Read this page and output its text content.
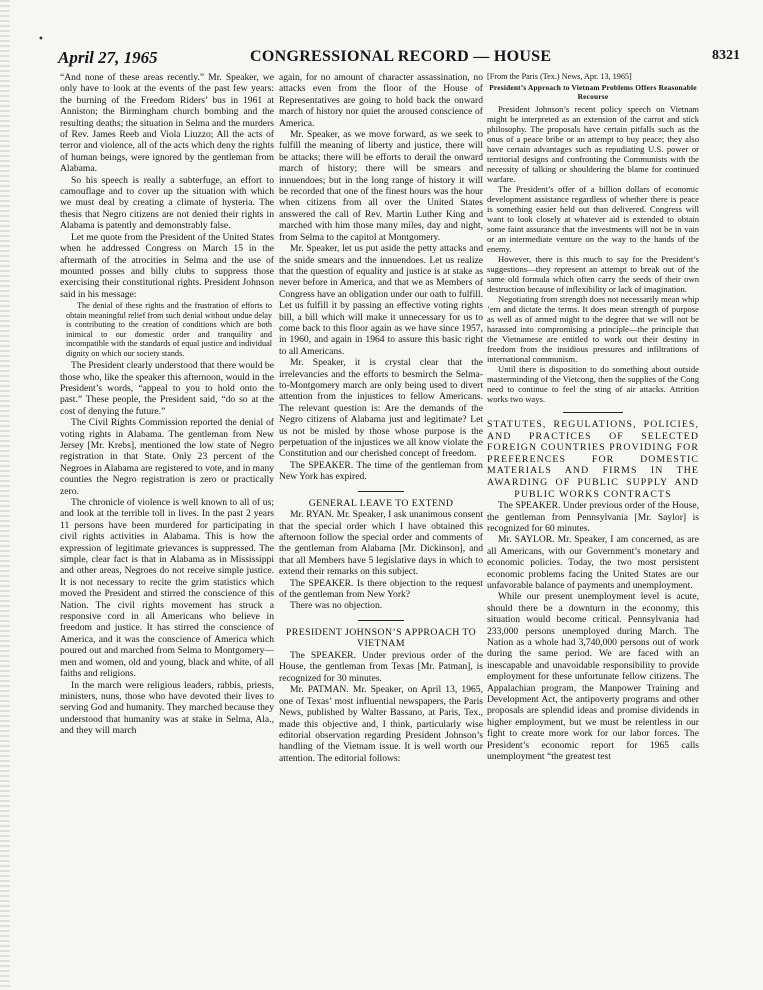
•
April 27, 1965	CONGRESSIONAL RECORD — HOUSE	8321

“And none of these areas recently.” Mr. Speaker, we only have to look at the events of the past few years: the burning of the Freedom Riders’ bus in 1961 at Anniston; the Birmingham church bombing and the resulting deaths; the situation in Selma and the murders of Rev. James Reeb and Viola Liuzzo; All the acts of terror and violence, all of the acts which deny the rights of human beings, were ignored by the gentleman from Alabama.

So his speech is really a subterfuge, an effort to camouflage and to cover up the situation with which we must deal by creating a climate of hysteria. The thesis that Negro citizens are not denied their rights in Alabama is patently and demonstrably false.

Let me quote from the President of the United States when he addressed Congress on March 15 in the aftermath of the atrocities in Selma and the use of mounted posses and billy clubs to suppress those exercising their constitutional rights. President Johnson said in his message:

The denial of these rights and the frustration of efforts to obtain meaningful relief from such denial without undue delay is contributing to the creation of conditions which are both inimical to our domestic order and tranquility and incompatible with the standards of equal justice and individual dignity on which our society stands.

The President clearly understood that there would be those who, like the speaker this afternoon, would in the President’s words, “appeal to you to hold onto the past.” These people, the President said, “do so at the cost of denying the future.”

The Civil Rights Commission reported the denial of voting rights in Alabama. The gentleman from New Jersey [Mr. Krebs], mentioned the low state of Negro registration in that State. Only 23 percent of the Negroes in Alabama are registered to vote, and in many counties the Negro registration is zero or practically zero.

The chronicle of violence is well known to all of us; and look at the terrible toll in lives. In the past 2 years 11 persons have been murdered for participating in civil rights activities in Alabama. This is how the expression of legitimate grievances is suppressed. The simple, clear fact is that in Alabama as in Mississippi and other areas, Negroes do not receive simple justice. It is not necessary to recite the grim statistics which moved the President and stirred the conscience of this Nation. The civil rights movement has struck a responsive cord in all Americans who believe in freedom and justice. It has stirred the conscience of America, and it was the conscience of America which poured out and marched from Selma to Montgomery—men and women, old and young, black and white, of all faiths and religions.

In the march were religious leaders, rabbis, priests, ministers, nuns, those who have devoted their lives to serving God and humanity. They marched because they understood that humanity was at stake in Selma, Ala., and they will march

again, for no amount of character assassination, no attacks even from the floor of the House of Representatives are going to hold back the onward march of history nor quiet the aroused conscience of America.

Mr. Speaker, as we move forward, as we seek to fulfill the meaning of liberty and justice, there will be attacks; there will be efforts to derail the onward march of history; there will be smears and innuendoes; but in the long range of history it will be recorded that one of the finest hours was the hour when citizens from all over the United States answered the call of Rev. Martin Luther King and marched with him those many miles, day and night, from Selma to the capitol at Montgomery.

Mr. Speaker, let us put aside the petty attacks and the snide smears and the innuendoes. Let us realize that the question of equality and justice is at stake as never before in America, and that we as Members of Congress have an obligation under our oath to fulfill. Let us fulfill it by passing an effective voting rights bill, a bill which will make it unnecessary for us to come back to this floor again as we have since 1957, in 1960, and again in 1964 to assure this basic right to all Americans.

Mr. Speaker, it is crystal clear that the irrelevancies and the efforts to besmirch the Selma-to-Montgomery march are only being used to divert attention from the injustices to fellow Americans. The relevant question is: Are the demands of the Negro citizens of Alabama just and legitimate? Let us not be misled by those whose purpose is the perpetuation of the injustices we all know violate the Constitution and our cherished concept of freedom.

The SPEAKER. The time of the gentleman from New York has expired.

GENERAL LEAVE TO EXTEND

Mr. RYAN. Mr. Speaker, I ask unanimous consent that the special order which I have obtained this afternoon follow the special order and comments of the gentleman from Alabama [Mr. Dickinson], and that all Members have 5 legislative days in which to extend their remarks on this subject.

The SPEAKER. Is there objection to the request of the gentleman from New York?

There was no objection.

PRESIDENT JOHNSON’S APPROACH TO VIETNAM

The SPEAKER. Under previous order of the House, the gentleman from Texas [Mr. Patman], is recognized for 30 minutes.

Mr. PATMAN. Mr. Speaker, on April 13, 1965, one of Texas’ most influential newspapers, the Paris News, published by Walter Bassano, at Paris, Tex., made this objective and, I think, particularly wise editorial observation regarding President Johnson’s handling of the Vietnam issue. It is well worth our attention. The editorial follows:

[From the Paris (Tex.) News, Apr. 13, 1965]

President’s Approach to Vietnam Problems Offers Reasonable Recourse

President Johnson’s recent policy speech on Vietnam might be interpreted as an extension of the carrot and stick philosophy. The proposals have certain pitfalls such as the onus of a peace bribe or an attempt to buy peace; they also have certain advantages such as repudiating U.S. power or territorial designs and confronting the Communists with the necessity of talking or shouldering the blame for continued warfare.

The President’s offer of a billion dollars of economic development assistance regardless of whether there is peace is something easier held out than delivered. Congress will want to look closely at whatever aid is extended to obtain some faint assurance that the investments will not be in vain or an intermediate venture on the way to the hands of the enemy.

However, there is this much to say for the President’s suggestions—they represent an attempt to break out of the same old formula which often carry the seeds of their own destruction because of inflexibility or lack of imagination.

Negotiating from strength does not necessarily mean whip ’em and dictate the terms. It does mean strength of purpose as well as of armed might to the degree that we will not be harassed into compromising a principle—the principle that the Vietnamese are entitled to work out their destiny in freedom from the insidious pressures and infiltrations of international communism.

Until there is disposition to do something about outside masterminding of the Vietcong, then the supplies of the Cong need to continue to feel the sting of air attacks. Attrition works two ways.

STATUTES, REGULATIONS, POLICIES, AND PRACTICES OF SELECTED FOREIGN COUNTRIES PROVIDING FOR PREFERENCES FOR DOMESTIC MATERIALS AND FIRMS IN THE AWARDING OF PUBLIC SUPPLY AND PUBLIC WORKS CONTRACTS

The SPEAKER. Under previous order of the House, the gentleman from Pennsylvania [Mr. Saylor] is recognized for 60 minutes.

Mr. SAYLOR. Mr. Speaker, I am concerned, as are all Americans, with our Government’s monetary and economic policies. Today, the two most persistent economic problems facing the United States are our unfavorable balance of payments and unemployment.

While our present unemployment level is acute, should there be a downturn in the economy, this situation would become critical. Pennsylvania had 233,000 persons unemployed during March. The Nation as a whole had 3,740,000 persons out of work during the same period. We are faced with an inescapable and unavoidable responsibility to provide employment for these unfortunate fellow citizens. The Appalachian program, the Manpower Training and Development Act, the antipoverty programs and other proposals are splendid ideas and promise dividends in higher employment, but we must be relentless in our fight to create more work for our labor forces. The President’s economic report for 1965 calls unemployment “the greatest test
